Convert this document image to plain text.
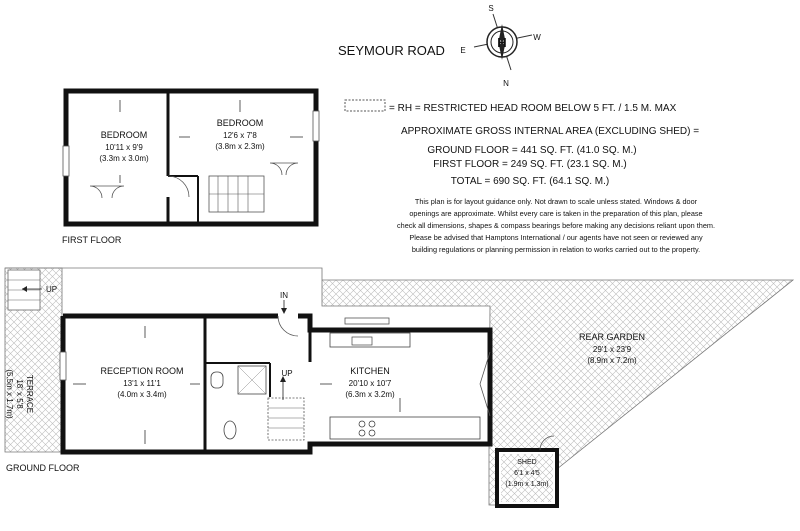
SEYMOUR ROAD
H
S
W
E
N
= RH = RESTRICTED HEAD ROOM BELOW 5 FT. / 1.5 M. MAX
APPROXIMATE GROSS INTERNAL AREA (EXCLUDING SHED) =
GROUND FLOOR = 441 SQ. FT. (41.0 SQ. M.)
FIRST FLOOR = 249 SQ. FT. (23.1 SQ. M.)
TOTAL = 690 SQ. FT. (64.1 SQ. M.)
This plan is for layout guidance only. Not drawn to scale unless stated. Windows & door
openings are approximate. Whilst every care is taken in the preparation of this plan, please
check all dimensions, shapes & compass bearings before making any decisions reliant upon them.
Please be advised that Hamptons International / our agents have not seen or reviewed any
building regulations or planning permission in relation to works carried out to the property.
BEDROOM
10'11 x 9'9
(3.3m x 3.0m)
BEDROOM
12'6 x 7'8
(3.8m x 2.3m)
FIRST FLOOR
UP
IN
UP
RECEPTION ROOM
13'1 x 11'1
(4.0m x 3.4m)
KITCHEN
20'10 x 10'7
(6.3m x 3.2m)
REAR GARDEN
29'1 x 23'9
(8.9m x 7.2m)
SHED
6'1 x 4'5
(1.9m x 1.3m)
TERRACE
18' x 5'8
(5.5m x 1.7m)
GROUND FLOOR
